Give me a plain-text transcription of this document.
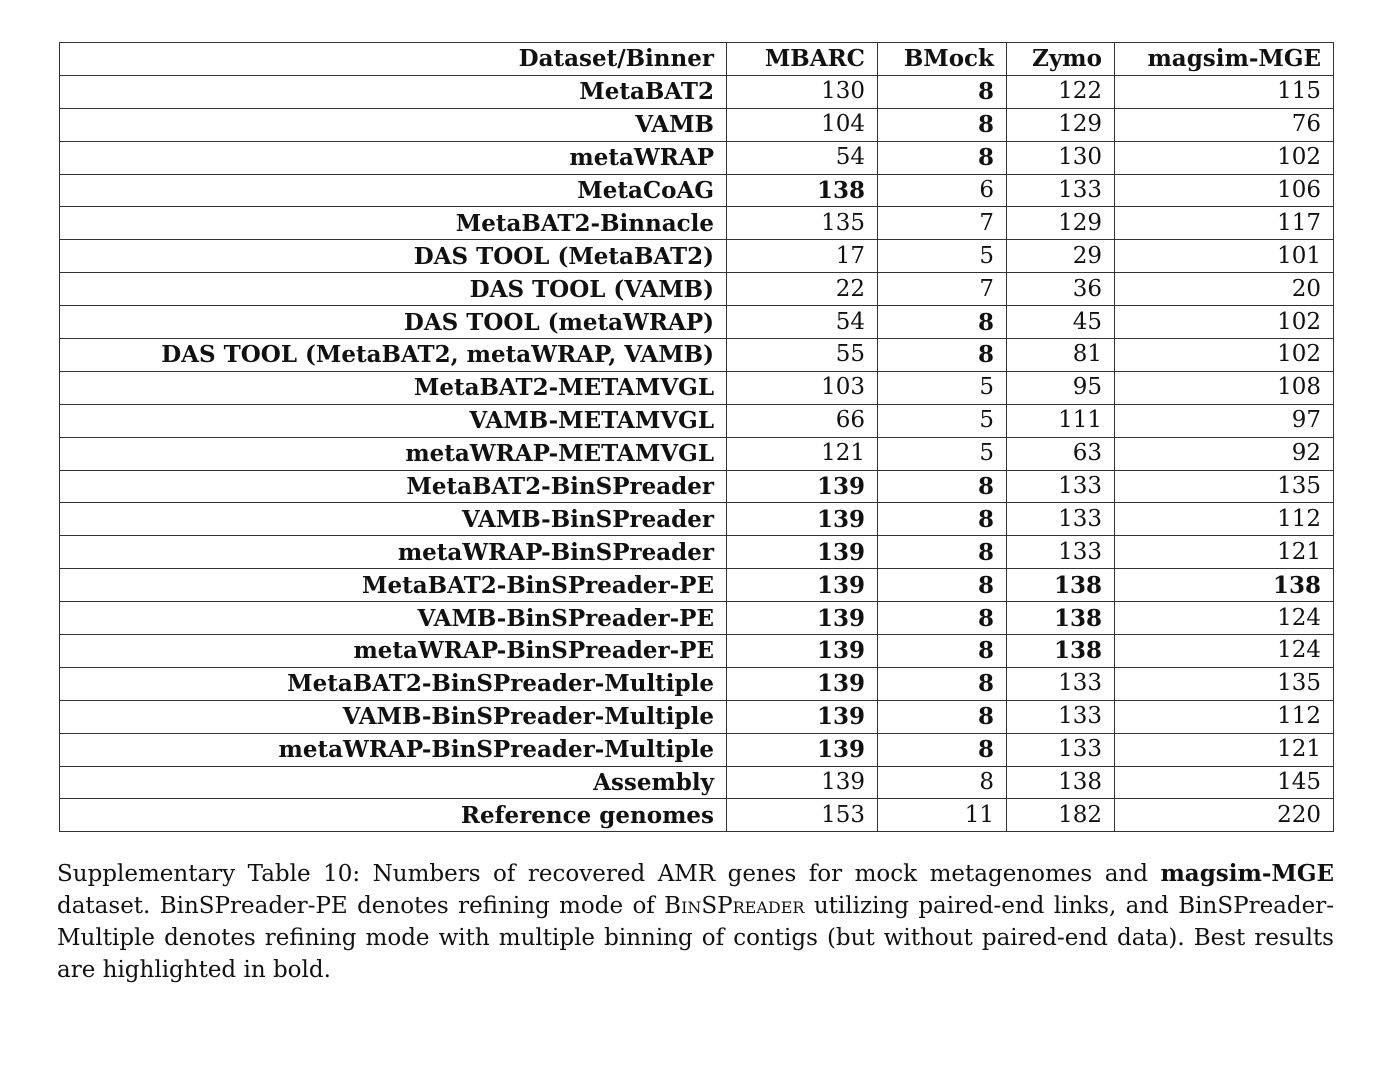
Dataset/Binner	MBARC	BMock	Zymo	magsim-MGE
MetaBAT2	130	8	122	115
VAMB	104	8	129	76
metaWRAP	54	8	130	102
MetaCoAG	138	6	133	106
MetaBAT2-Binnacle	135	7	129	117
DAS TOOL (MetaBAT2)	17	5	29	101
DAS TOOL (VAMB)	22	7	36	20
DAS TOOL (metaWRAP)	54	8	45	102
DAS TOOL (MetaBAT2, metaWRAP, VAMB)	55	8	81	102
MetaBAT2-METAMVGL	103	5	95	108
VAMB-METAMVGL	66	5	111	97
metaWRAP-METAMVGL	121	5	63	92
MetaBAT2-BinSPreader	139	8	133	135
VAMB-BinSPreader	139	8	133	112
metaWRAP-BinSPreader	139	8	133	121
MetaBAT2-BinSPreader-PE	139	8	138	138
VAMB-BinSPreader-PE	139	8	138	124
metaWRAP-BinSPreader-PE	139	8	138	124
MetaBAT2-BinSPreader-Multiple	139	8	133	135
VAMB-BinSPreader-Multiple	139	8	133	112
metaWRAP-BinSPreader-Multiple	139	8	133	121
Assembly	139	8	138	145
Reference genomes	153	11	182	220

Supplementary Table 10: Numbers of recovered AMR genes for mock metagenomes and magsim-MGE dataset. BinSPreader-PE denotes refining mode of BinSPreader utilizing paired-end links, and BinSPreader-Multiple denotes refining mode with multiple binning of contigs (but without paired-end data). Best results are highlighted in bold.
